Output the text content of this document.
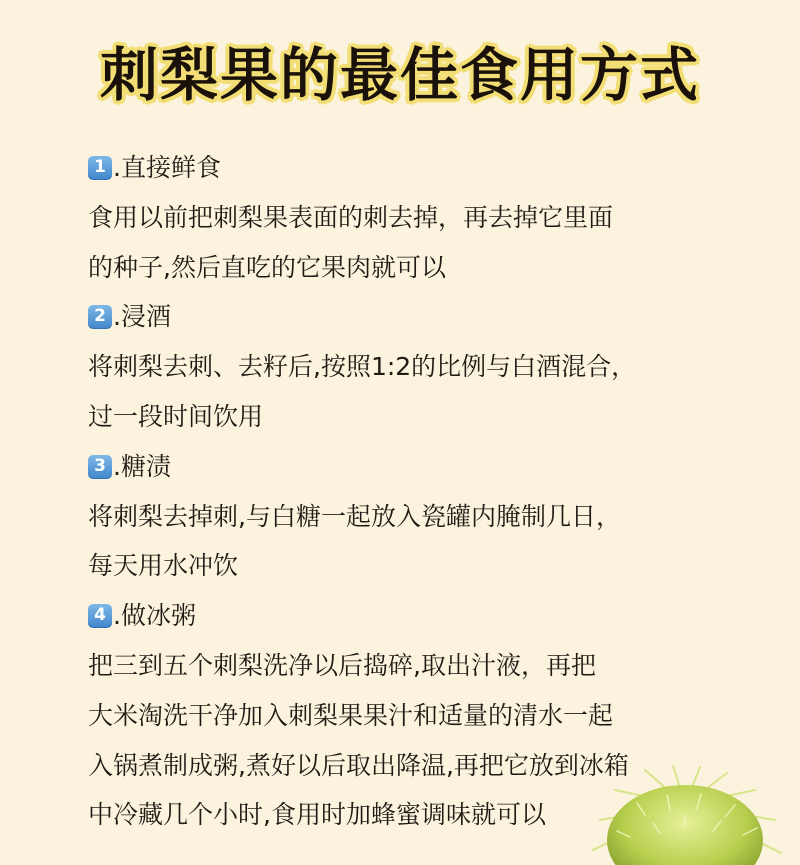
刺梨果的最佳食用方式
1 .直接鲜食
食用以前把刺梨果表面的刺去掉，再去掉它里面
的种子,然后直吃的它果肉就可以
2 .浸酒
将刺梨去刺、去籽后,按照1:2的比例与白酒混合，
过一段时间饮用
3 .糖渍
将刺梨去掉刺,与白糖一起放入瓷罐内腌制几日，
每天用水冲饮
4 .做冰粥
把三到五个刺梨洗净以后捣碎,取出汁液，再把
大米淘洗干净加入刺梨果果汁和适量的清水一起
入锅煮制成粥,煮好以后取出降温,再把它放到冰箱
中冷藏几个小时,食用时加蜂蜜调味就可以
